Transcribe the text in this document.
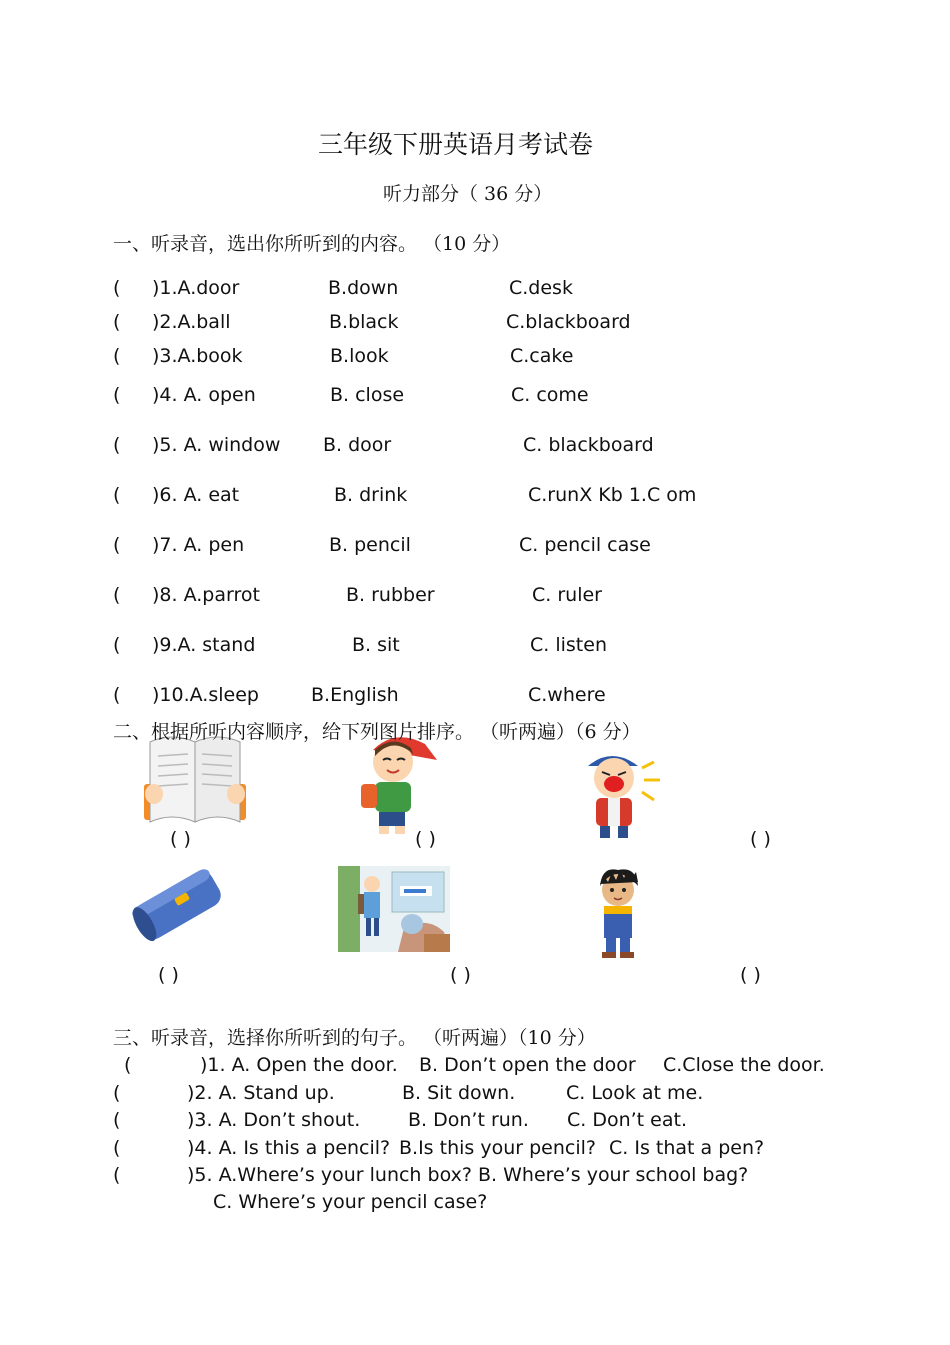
三年级下册英语月考试卷
听力部分（ 36 分）
一、听录音，选出你所听到的内容。 （10 分）
( )1.A.door	B.down	C.desk
( )2.A.ball	B.black	C.blackboard
( )3.A.book	B.look	C.cake
( )4. A. open	B. close	C. come
( )5. A. window B. door	C. blackboard
( )6. A. eat	B. drink	C.runX Kb 1.C om
( )7. A. pen	B. pencil	C. pencil case
( )8. A.parrot	B. rubber	C. ruler
( )9.A. stand	B. sit	C. listen
( )10.A.sleep	B.English	C.where
二、根据所听内容顺序，给下列图片排序。 （听两遍）（6 分）
( )	( )	( )
( )	( )	( )
三、听录音，选择你所听到的句子。 （听两遍）（10 分）
(	)1. A. Open the door. B. Don’t open the door C.Close the door.
(	)2. A. Stand up.	B. Sit down.	C. Look at me.
(	)3. A. Don’t shout.	B. Don’t run. C. Don’t eat.
(	)4. A. Is this a pencil? B.Is this your pencil? C. Is that a pen?
(	)5. A.Where’s your lunch box? B. Where’s your school bag?
C. Where’s your pencil case?
